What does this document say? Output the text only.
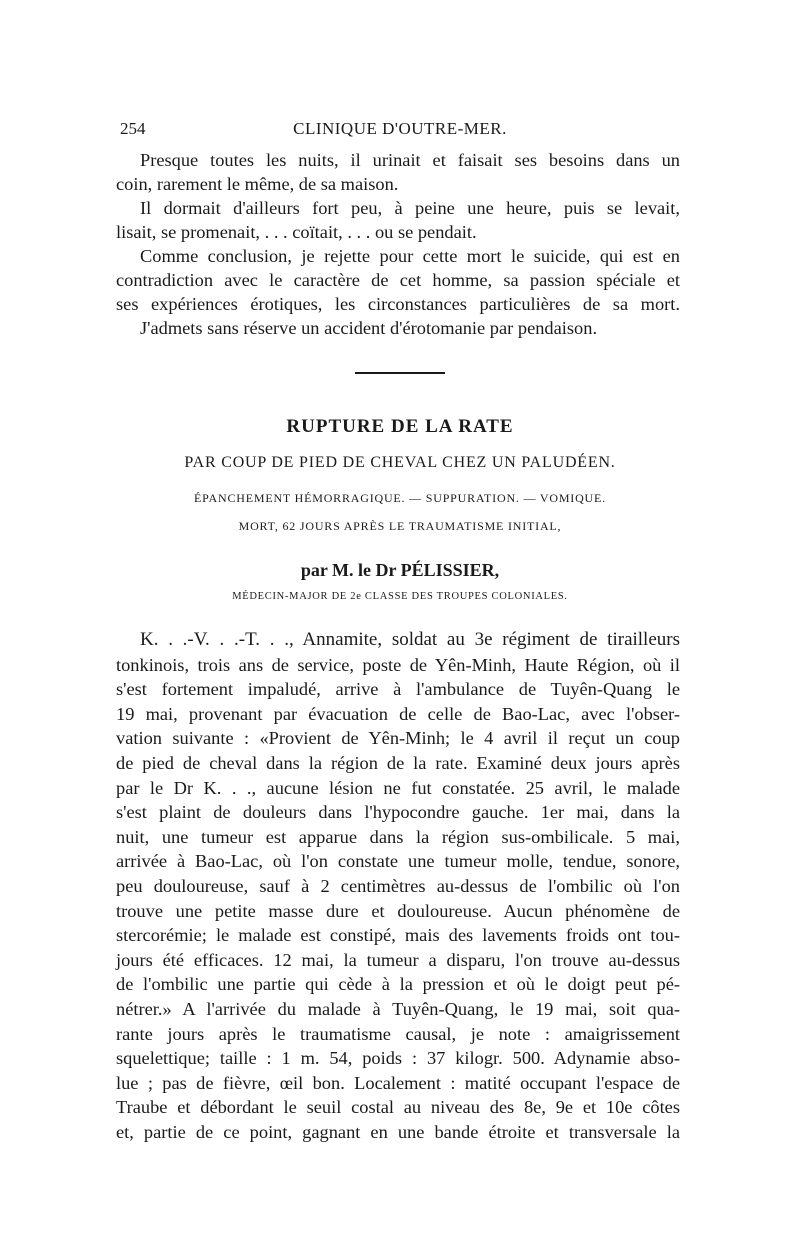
254	CLINIQUE D'OUTRE-MER.

Presque toutes les nuits, il urinait et faisait ses besoins dans un

coin, rarement le même, de sa maison.

Il dormait d'ailleurs fort peu, à peine une heure, puis se levait,

lisait, se promenait, . . . coïtait, . . . ou se pendait.

Comme conclusion, je rejette pour cette mort le suicide, qui est en

contradiction avec le caractère de cet homme, sa passion spéciale et

ses expériences érotiques, les circonstances particulières de sa mort.

J'admets sans réserve un accident d'érotomanie par pendaison.

RUPTURE DE LA RATE
PAR COUP DE PIED DE CHEVAL CHEZ UN PALUDÉEN.
ÉPANCHEMENT HÉMORRAGIQUE. — SUPPURATION. — VOMIQUE.
MORT, 62 JOURS APRÈS LE TRAUMATISME INITIAL,
par M. le Dr PÉLISSIER,
MÉDECIN-MAJOR DE 2e CLASSE DES TROUPES COLONIALES.

K. . .-V. . .-T. . ., Annamite, soldat au 3e régiment de tirailleurs

tonkinois, trois ans de service, poste de Yên-Minh, Haute Région, où il

s'est fortement impaludé, arrive à l'ambulance de Tuyên-Quang le

19 mai, provenant par évacuation de celle de Bao-Lac, avec l'obser-

vation suivante : «Provient de Yên-Minh; le 4 avril il reçut un coup

de pied de cheval dans la région de la rate. Examiné deux jours après

par le Dr K. . ., aucune lésion ne fut constatée. 25 avril, le malade

s'est plaint de douleurs dans l'hypocondre gauche. 1er mai, dans la

nuit, une tumeur est apparue dans la région sus-ombilicale. 5 mai,

arrivée à Bao-Lac, où l'on constate une tumeur molle, tendue, sonore,

peu douloureuse, sauf à 2 centimètres au-dessus de l'ombilic où l'on

trouve une petite masse dure et douloureuse. Aucun phénomène de

stercorémie; le malade est constipé, mais des lavements froids ont tou-

jours été efficaces. 12 mai, la tumeur a disparu, l'on trouve au-dessus

de l'ombilic une partie qui cède à la pression et où le doigt peut pé-

nétrer.» A l'arrivée du malade à Tuyên-Quang, le 19 mai, soit qua-

rante jours après le traumatisme causal, je note : amaigrissement

squelettique; taille : 1 m. 54, poids : 37 kilogr. 500. Adynamie abso-

lue ; pas de fièvre, œil bon. Localement : matité occupant l'espace de

Traube et débordant le seuil costal au niveau des 8e, 9e et 10e côtes

et, partie de ce point, gagnant en une bande étroite et transversale la
